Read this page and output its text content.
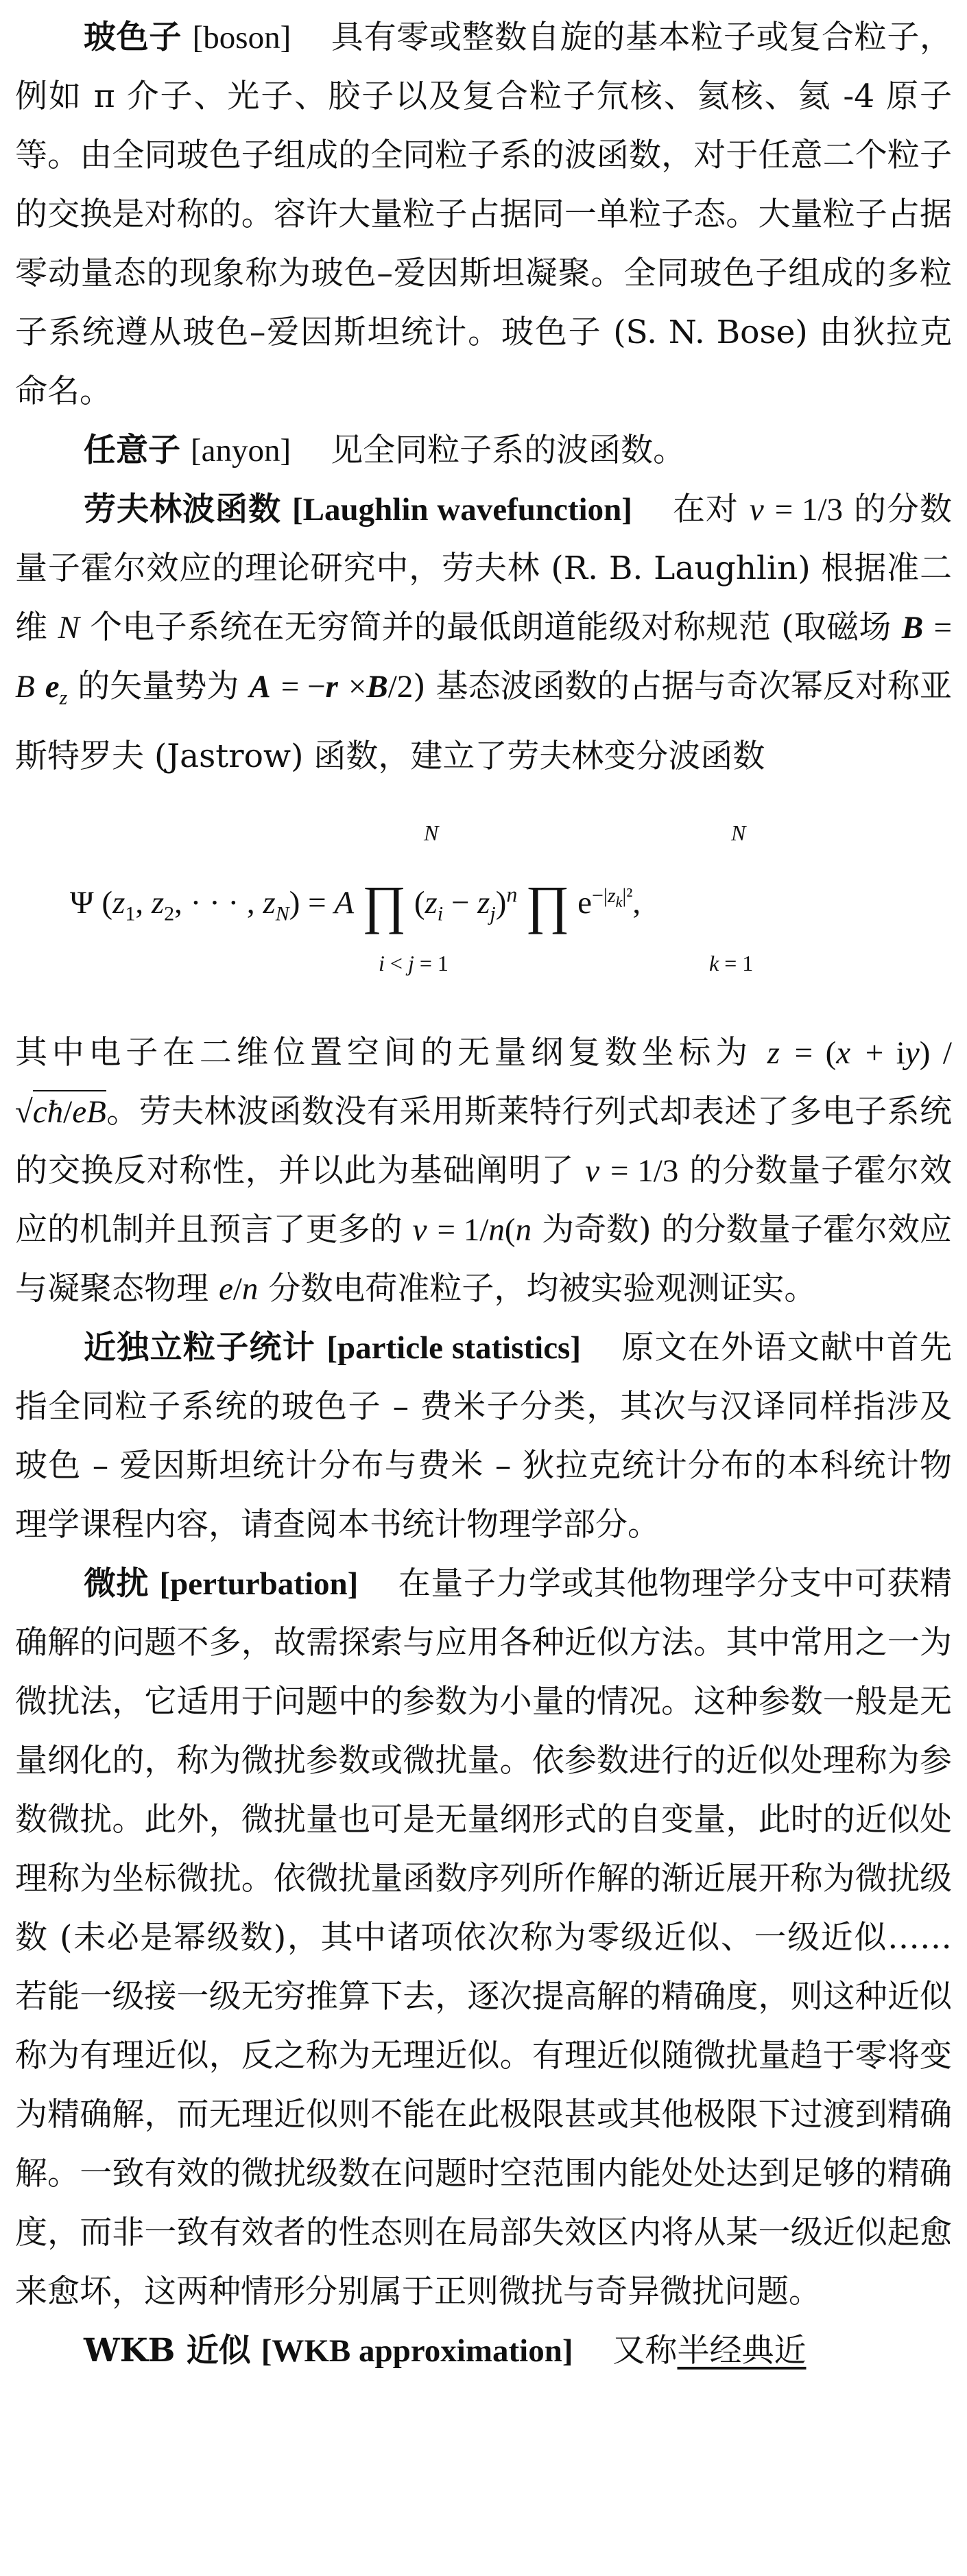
玻色子 [boson] 具有零或整数自旋的基本粒子或复合粒子，例如 π 介子、光子、胶子以及复合粒子氘核、氦核、氦 -4 原子等。由全同玻色子组成的全同粒子系的波函数，对于任意二个粒子的交换是对称的。容许大量粒子占据同一单粒子态。大量粒子占据零动量态的现象称为玻色–爱因斯坦凝聚。全同玻色子组成的多粒子系统遵从玻色–爱因斯坦统计。玻色子 (S. N. Bose) 由狄拉克命名。

任意子 [anyon] 见全同粒子系的波函数。

劳夫林波函数 [Laughlin wavefunction] 在对 ν = 1/3 的分数量子霍尔效应的理论研究中，劳夫林 (R. B. Laughlin) 根据准二维 N 个电子系统在无穷简并的最低朗道能级对称规范 (取磁场 B = B $e_z$ 的矢量势为 A = −r ×B/2) 基态波函数的占据与奇次幂反对称亚斯特罗夫 (Jastrow) 函数，建立了劳夫林变分波函数

Ψ ($z_1$, $z_2$, · · · , $z_N) = A$ ∏ $(z_i - z_j)^n$ ∏ $e^{-|z_k|^2}$,
N
i < j = 1
N
k = 1

其中电子在二维位置空间的无量纲复数坐标为 z = (x + iy) / √cħ/eB。劳夫林波函数没有采用斯莱特行列式却表述了多电子系统的交换反对称性，并以此为基础阐明了 ν = 1/3 的分数量子霍尔效应的机制并且预言了更多的 ν = 1/n(n 为奇数) 的分数量子霍尔效应与凝聚态物理 e/n 分数电荷准粒子，均被实验观测证实。

近独立粒子统计 [particle statistics] 原文在外语文献中首先指全同粒子系统的玻色子 – 费米子分类，其次与汉译同样指涉及玻色 – 爱因斯坦统计分布与费米 – 狄拉克统计分布的本科统计物理学课程内容，请查阅本书统计物理学部分。

微扰 [perturbation] 在量子力学或其他物理学分支中可获精确解的问题不多，故需探索与应用各种近似方法。其中常用之一为微扰法，它适用于问题中的参数为小量的情况。这种参数一般是无量纲化的，称为微扰参数或微扰量。依参数进行的近似处理称为参数微扰。此外，微扰量也可是无量纲形式的自变量，此时的近似处理称为坐标微扰。依微扰量函数序列所作解的渐近展开称为微扰级数 (未必是幂级数)，其中诸项依次称为零级近似、一级近似……若能一级接一级无穷推算下去，逐次提高解的精确度，则这种近似称为有理近似，反之称为无理近似。有理近似随微扰量趋于零将变为精确解，而无理近似则不能在此极限甚或其他极限下过渡到精确解。一致有效的微扰级数在问题时空范围内能处处达到足够的精确度，而非一致有效者的性态则在局部失效区内将从某一级近似起愈来愈坏，这两种情形分别属于正则微扰与奇异微扰问题。

WKB 近似 [WKB approximation] 又称半经典近
